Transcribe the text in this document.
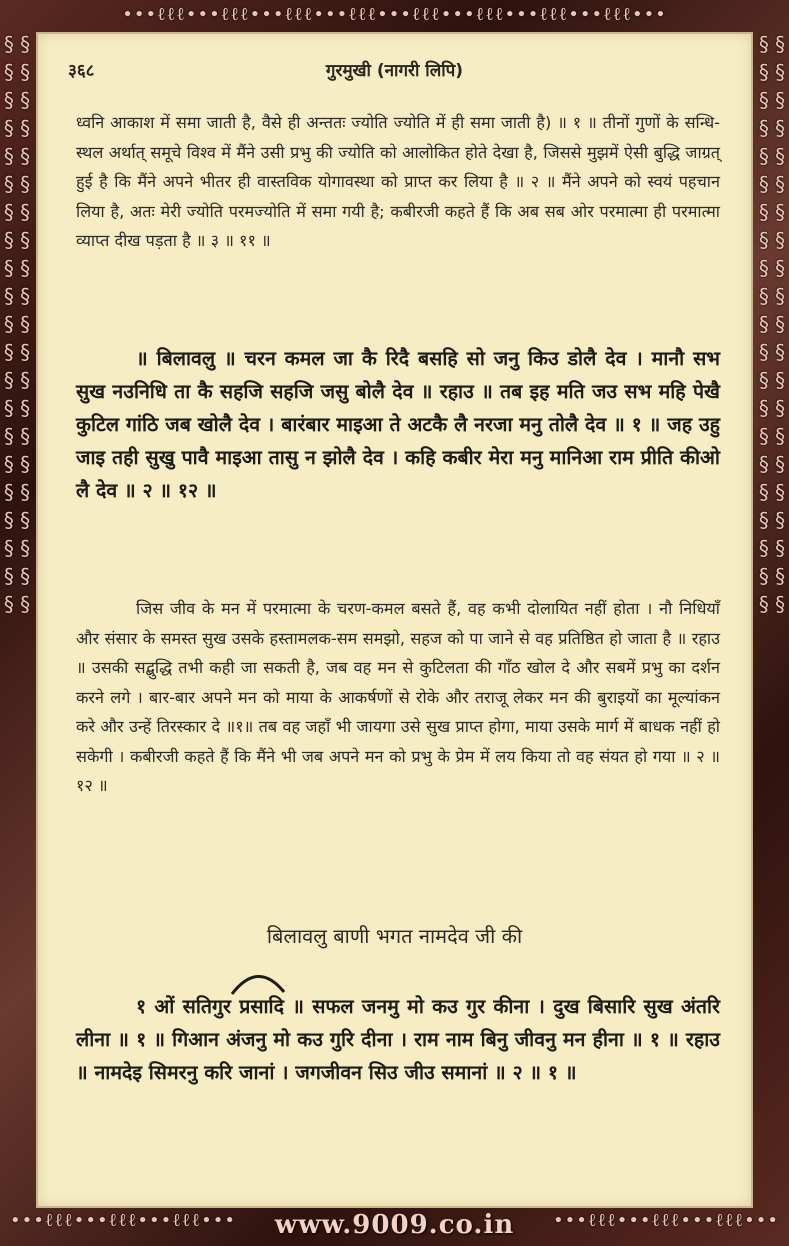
•••ℓℓℓ•••ℓℓℓ•••ℓℓℓ•••ℓℓℓ•••ℓℓℓ•••ℓℓℓ•••ℓℓℓ•••ℓℓℓ•••
§ § § § § § § § § § § § § § § § § § § § § § § § § § § § § § § § § § § § § § § § § §
§ § § § § § § § § § § § § § § § § § § § § § § § § § § § § § § § § § § § § § § § § §
•••ℓℓℓ•••ℓℓℓ•••ℓℓℓ•••	•••ℓℓℓ•••ℓℓℓ•••ℓℓℓ•••
३६८	गुरमुखी (नागरी लिपि)

ध्वनि आकाश में समा जाती है, वैसे ही अन्ततः ज्योति ज्योति में ही समा जाती है) ॥ १ ॥ तीनों गुणों के सन्धि-स्थल अर्थात् समूचे विश्व में मैंने उसी प्रभु की ज्योति को आलोकित होते देखा है, जिससे मुझमें ऐसी बुद्धि जाग्रत् हुई है कि मैंने अपने भीतर ही वास्तविक योगावस्था को प्राप्त कर लिया है ॥ २ ॥ मैंने अपने को स्वयं पहचान लिया है, अतः मेरी ज्योति परमज्योति में समा गयी है; कबीरजी कहते हैं कि अब सब ओर परमात्मा ही परमात्मा व्याप्त दीख पड़ता है ॥ ३ ॥ ११ ॥

॥ बिलावलु ॥ चरन कमल जा कै रिदै बसहि सो जनु किउ डोलै देव । मानौ सभ सुख नउनिधि ता कै सहजि सहजि जसु बोलै देव ॥ रहाउ ॥ तब इह मति जउ सभ महि पेखै कुटिल गांठि जब खोलै देव । बारंबार माइआ ते अटकै लै नरजा मनु तोलै देव ॥ १ ॥ जह उहु जाइ तही सुखु पावै माइआ तासु न झोलै देव । कहि कबीर मेरा मनु मानिआ राम प्रीति कीओ लै देव ॥ २ ॥ १२ ॥

जिस जीव के मन में परमात्मा के चरण-कमल बसते हैं, वह कभी दोलायित नहीं होता । नौ निधियाँ और संसार के समस्त सुख उसके हस्तामलक-सम समझो, सहज को पा जाने से वह प्रतिष्ठित हो जाता है ॥ रहाउ ॥ उसकी सद्बुद्धि तभी कही जा सकती है, जब वह मन से कुटिलता की गाँठ खोल दे और सबमें प्रभु का दर्शन करने लगे । बार-बार अपने मन को माया के आकर्षणों से रोके और तराजू लेकर मन की बुराइयों का मूल्यांकन करे और उन्हें तिरस्कार दे ॥१॥ तब वह जहाँ भी जायगा उसे सुख प्राप्त होगा, माया उसके मार्ग में बाधक नहीं हो सकेगी । कबीरजी कहते हैं कि मैंने भी जब अपने मन को प्रभु के प्रेम में लय किया तो वह संयत हो गया ॥ २ ॥ १२ ॥

बिलावलु बाणी भगत नामदेव जी की

१ ओं सतिगुर प्रसादि ॥ सफल जनमु मो कउ गुर कीना । दुख बिसारि सुख अंतरि लीना ॥ १ ॥ गिआन अंजनु मो कउ गुरि दीना । राम नाम बिनु जीवनु मन हीना ॥ १ ॥ रहाउ ॥ नामदेइ सिमरनु करि जानां । जगजीवन सिउ जीउ समानां ॥ २ ॥ १ ॥

www.9009.co.in
